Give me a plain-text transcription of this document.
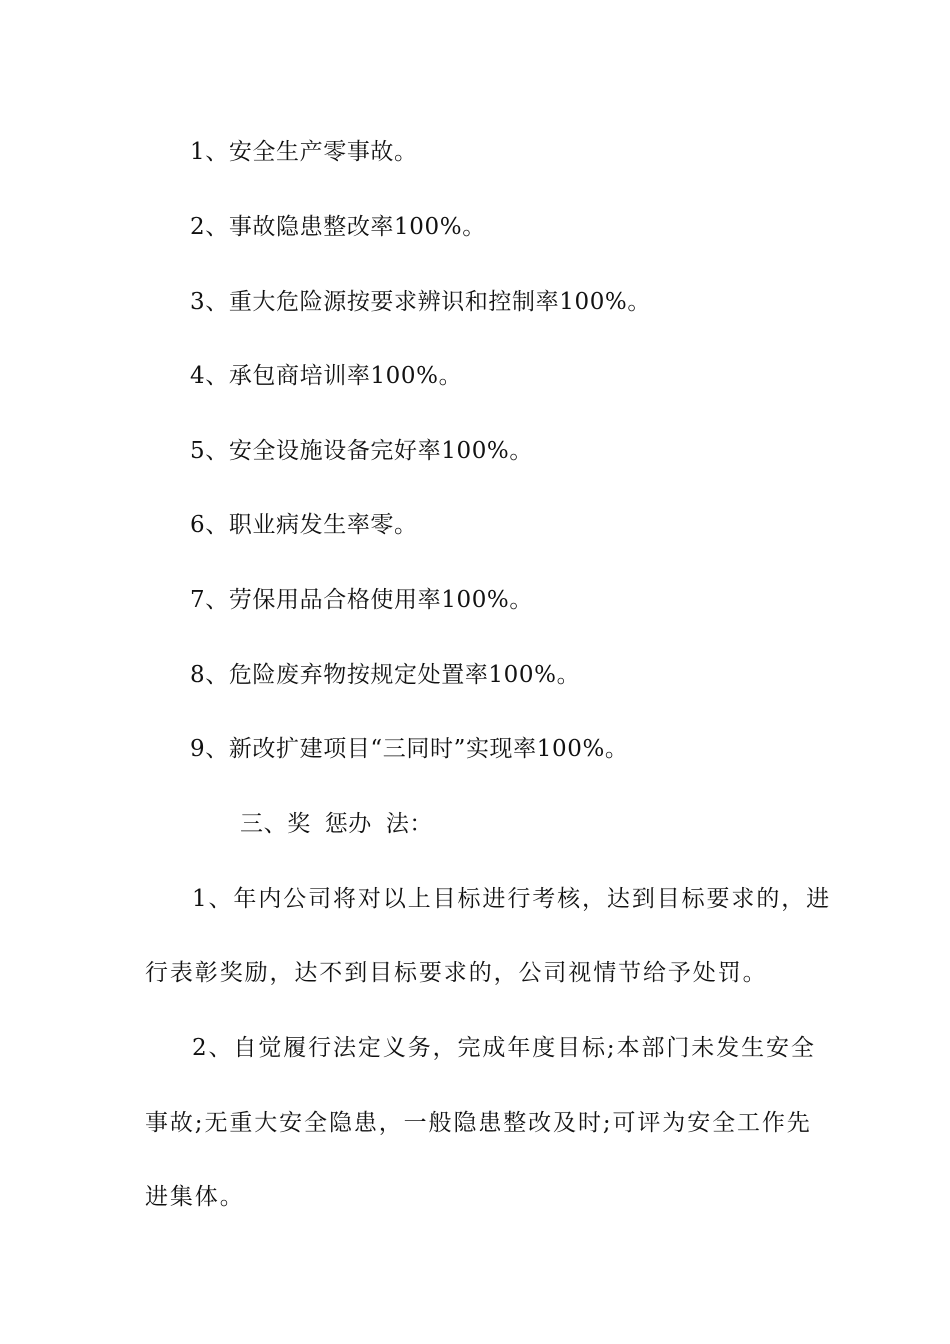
1、安全生产零事故。
2、事故隐患整改率100%。
3、重大危险源按要求辨识和控制率100%。
4、承包商培训率100%。
5、安全设施设备完好率100%。
6、职业病发生率零。
7、劳保用品合格使用率100%。
8、危险废弃物按规定处置率100%。
9、新改扩建项目“三同时”实现率100%。
三、奖 惩办 法：
1、年内公司将对以上目标进行考核，达到目标要求的，进
行表彰奖励，达不到目标要求的，公司视情节给予处罚。
2、自觉履行法定义务，完成年度目标;本部门未发生安全
事故;无重大安全隐患，一般隐患整改及时;可评为安全工作先
进集体。
